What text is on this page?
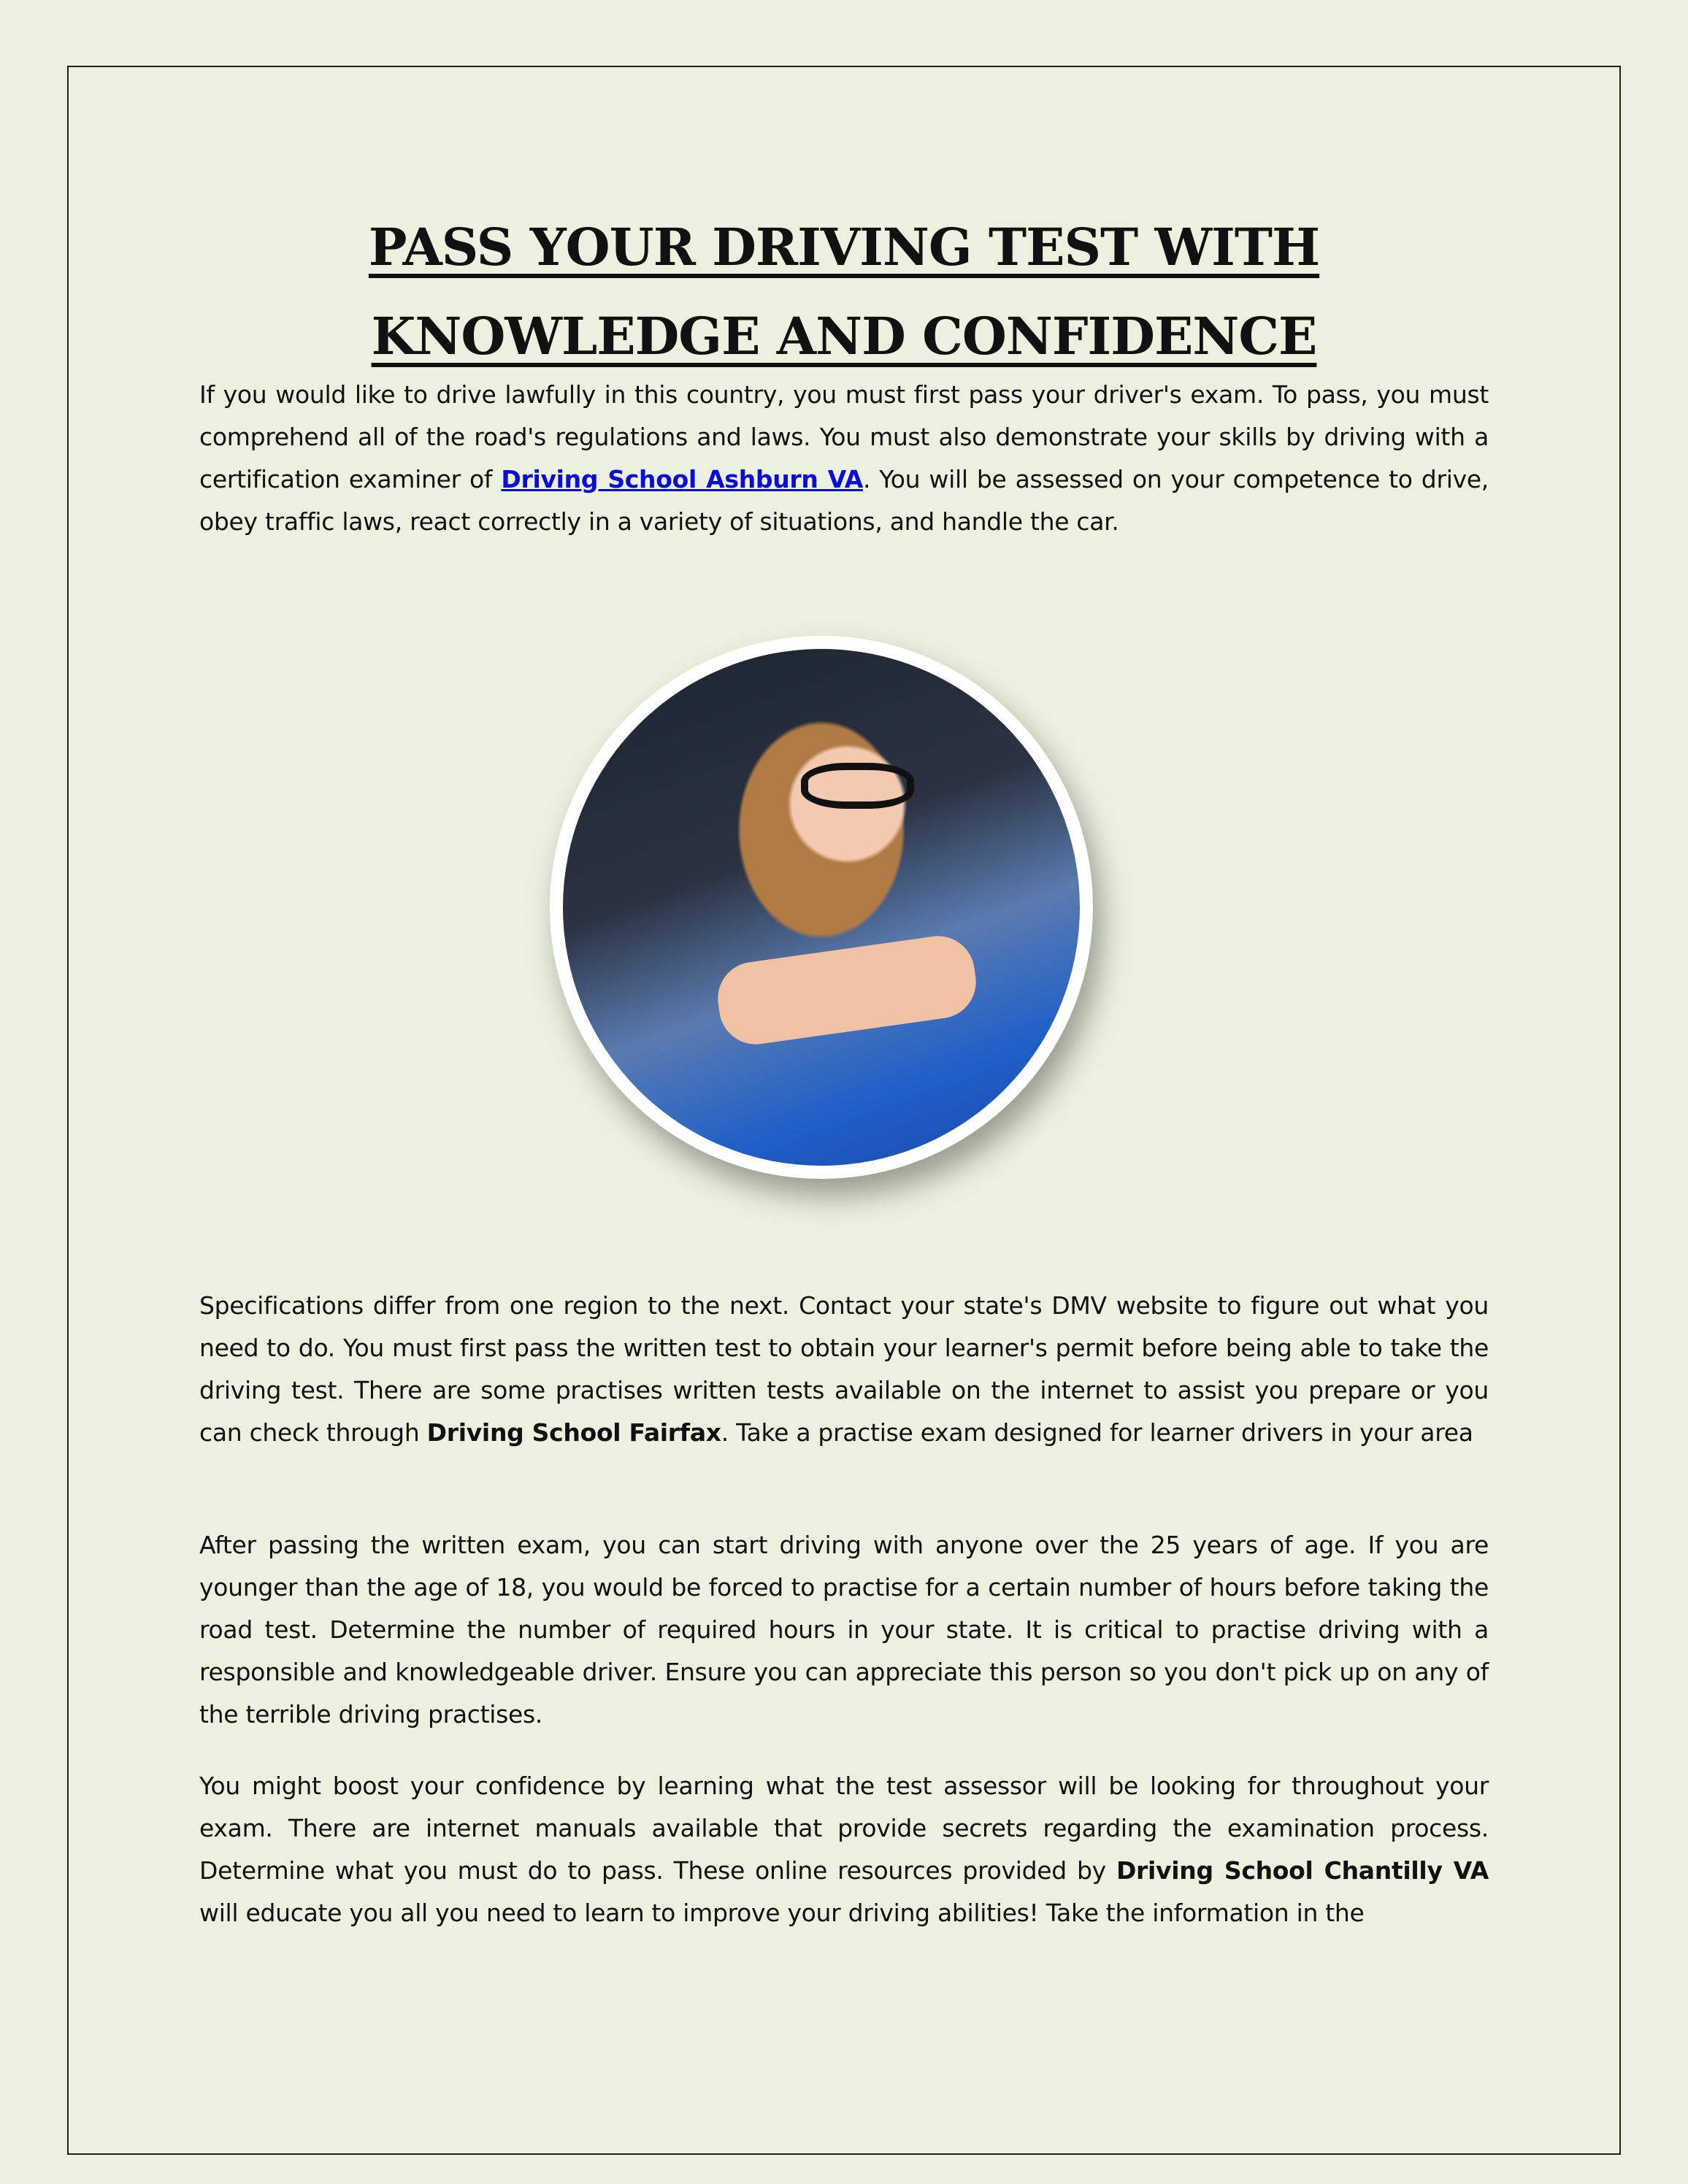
PASS YOUR DRIVING TEST WITH KNOWLEDGE AND CONFIDENCE

If you would like to drive lawfully in this country, you must first pass your driver's exam. To pass, you must comprehend all of the road's regulations and laws. You must also demonstrate your skills by driving with a certification examiner of Driving School Ashburn VA. You will be assessed on your competence to drive, obey traffic laws, react correctly in a variety of situations, and handle the car.

Specifications differ from one region to the next. Contact your state's DMV website to figure out what you need to do. You must first pass the written test to obtain your learner's permit before being able to take the driving test. There are some practises written tests available on the internet to assist you prepare or you can check through Driving School Fairfax. Take a practise exam designed for learner drivers in your area

After passing the written exam, you can start driving with anyone over the 25 years of age. If you are younger than the age of 18, you would be forced to practise for a certain number of hours before taking the road test. Determine the number of required hours in your state. It is critical to practise driving with a responsible and knowledgeable driver. Ensure you can appreciate this person so you don't pick up on any of the terrible driving practises.

You might boost your confidence by learning what the test assessor will be looking for throughout your exam. There are internet manuals available that provide secrets regarding the examination process. Determine what you must do to pass. These online resources provided by Driving School Chantilly VA will educate you all you need to learn to improve your driving abilities! Take the information in the
